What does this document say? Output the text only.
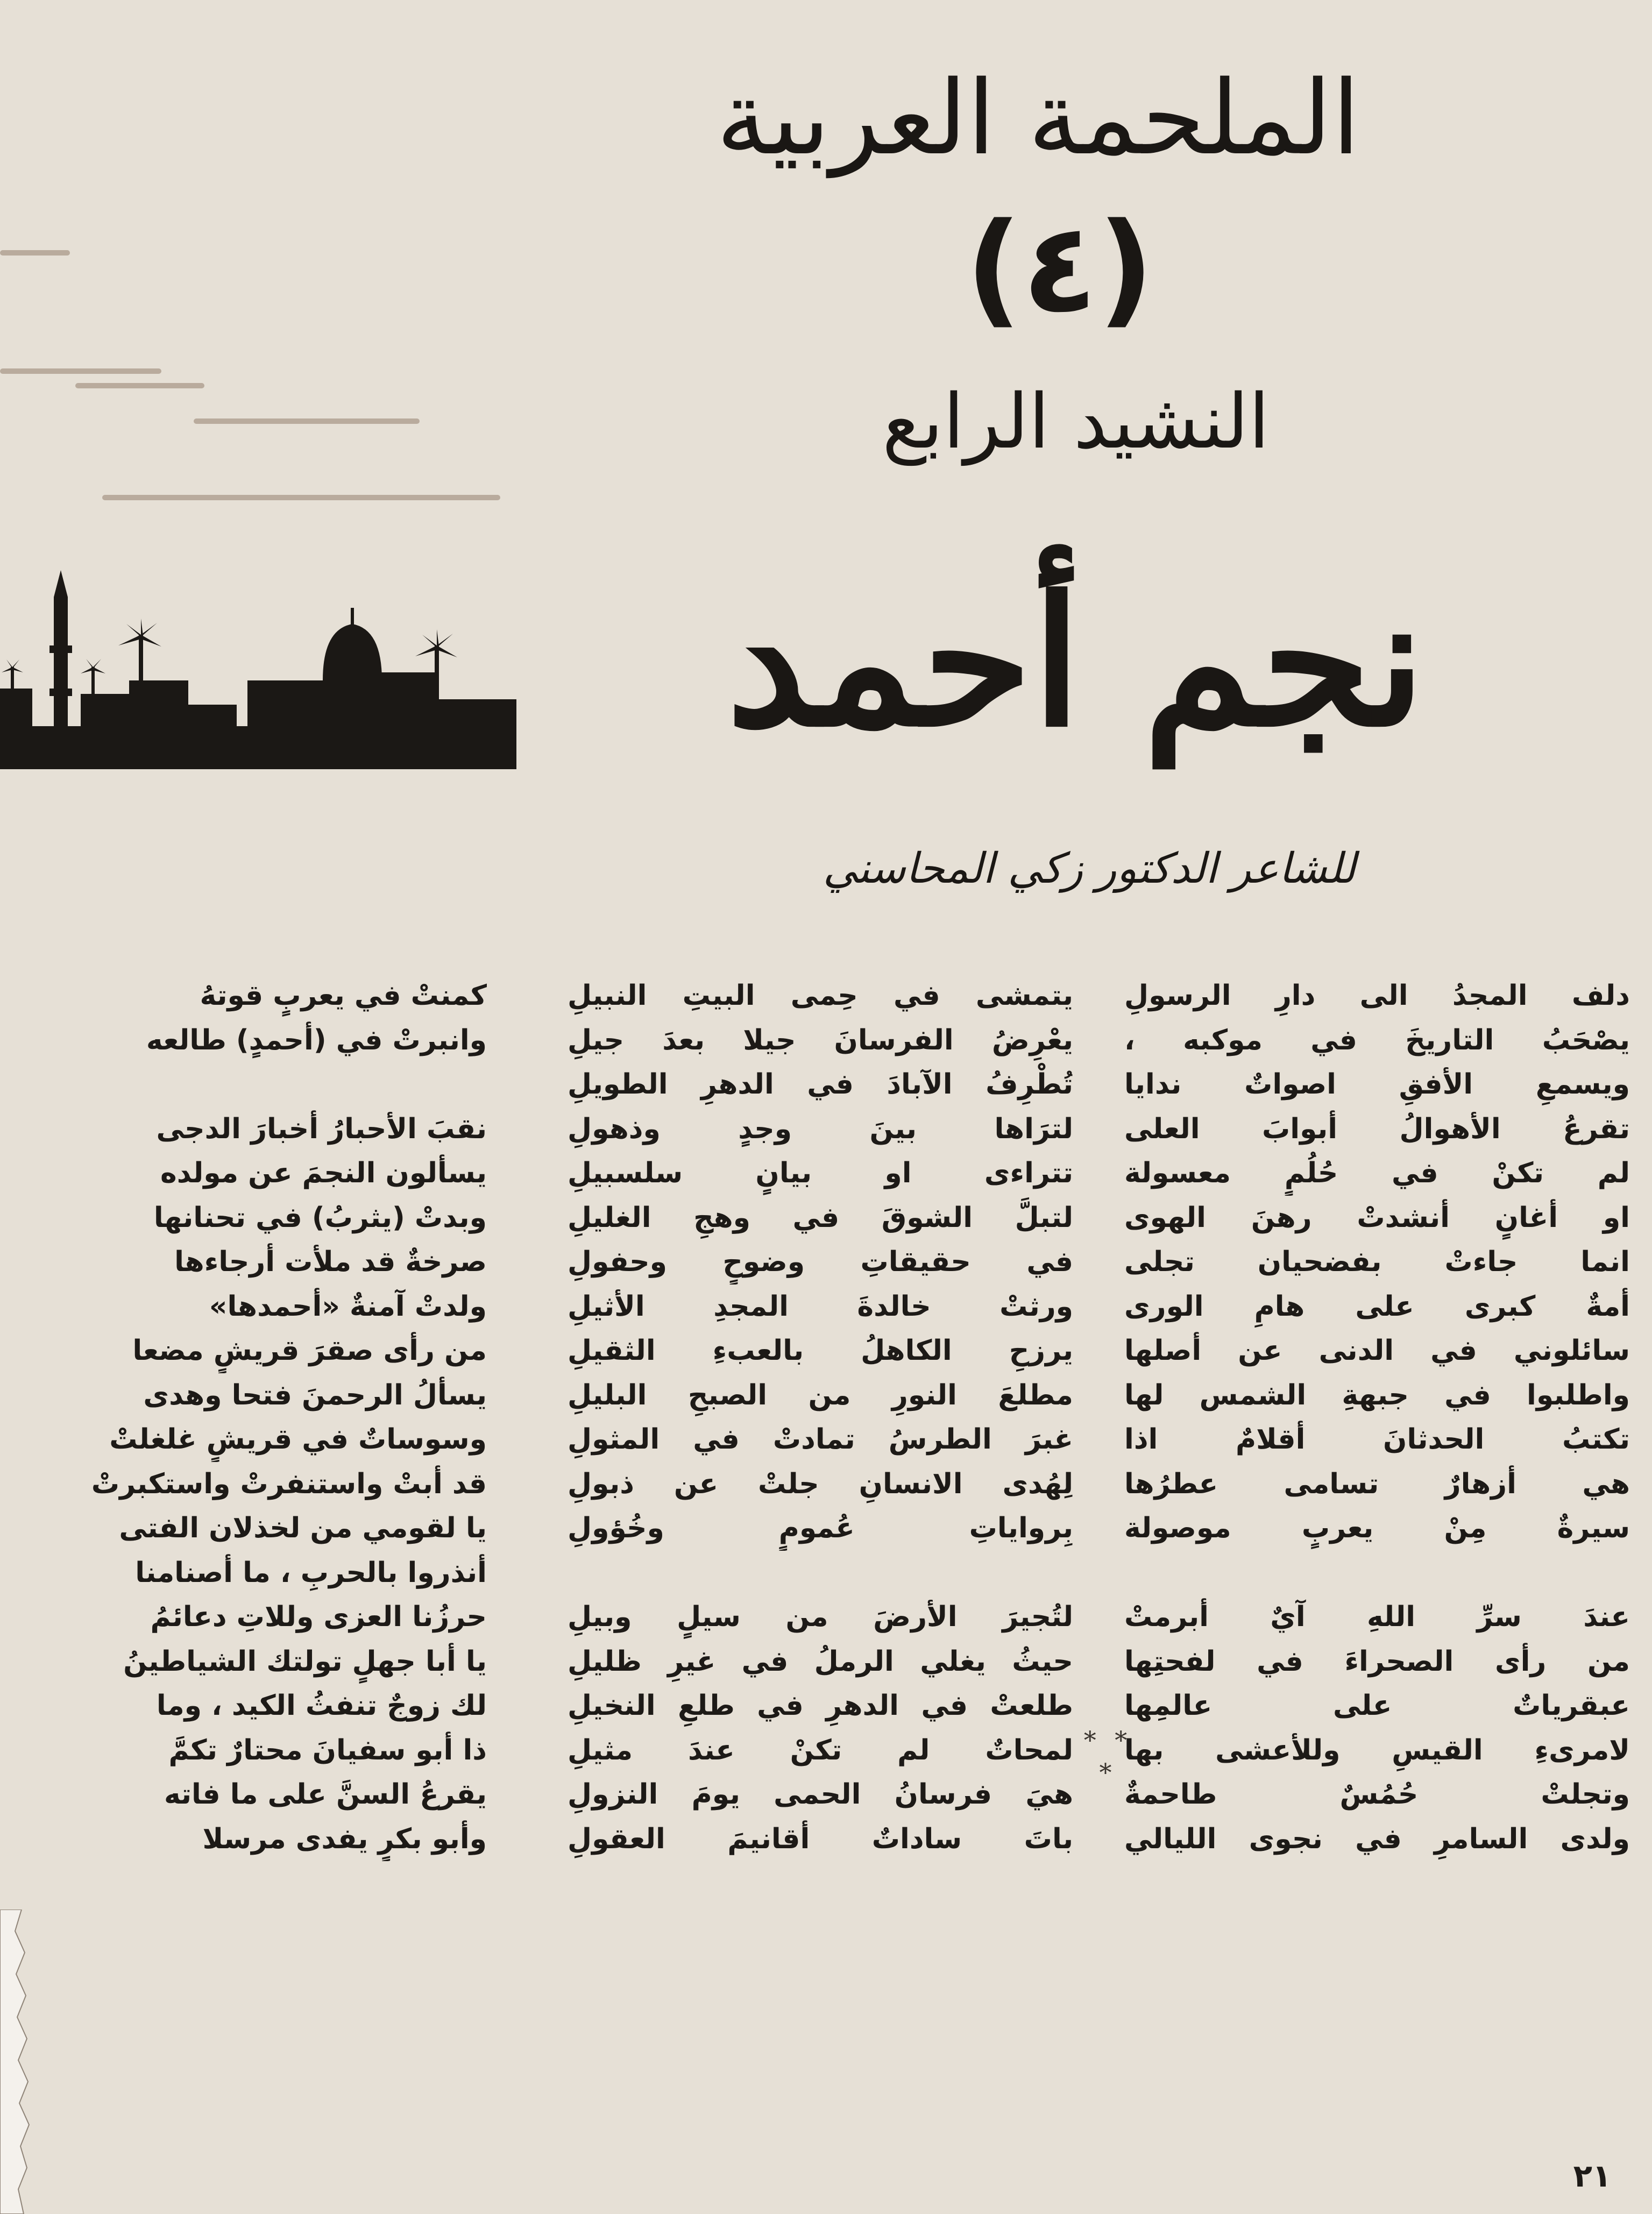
الملحمة العربية
(٤)
النشيد الرابع
نجم أحمد
للشاعر الدكتور زكي المحاسني
دلف المجدُ الى دارِ الرسولِ
يصْحَبُ التاريخَ في موكبه ،
ويسمعِ الأفقِ اصواتٌ ندايا
تقرعُ الأهوالُ أبوابَ العلى
لم تكنْ في حُلُمٍ معسولة
او أغانٍ أنشدتْ رهنَ الهوى
انما جاءتْ بفضحيان تجلى
أمةٌ كبرى على هامِ الورى
سائلوني في الدنى عن أصلها
واطلبوا في جبهةِ الشمس لها
تكتبُ الحدثانَ أقلامٌ اذا
هي أزهارٌ تسامى عطرُها
سيرةٌ مِنْ يعربٍ موصولة
عندَ سرِّ اللهِ آيٌ أبرمتْ
من رأى الصحراءَ في لفحتِها
عبقرياتٌ على عالمِها
لامرىءِ القيسِ وللأعشى بها
وتجلتْ حُمُسٌ طاحمةٌ
ولدى السامرِ في نجوى الليالي
يتمشى في حِمى البيتِ النبيلِ
يعْرِضُ الفرسانَ جيلا بعدَ جيلِ
تُطْرِفُ الآبادَ في الدهرِ الطويلِ
لترَاها بينَ وجدٍ وذهولِ
تتراءى او بيانٍ سلسبيلِ
لتبلَّ الشوقَ في وهجِ الغليلِ
في حقيقاتِ وضوحٍ وحفولِ
ورثتْ خالدةَ المجدِ الأثيلِ
يرزحِ الكاهلُ بالعبءِ الثقيلِ
مطلعَ النورِ من الصبحِ البليلِ
غبرَ الطرسُ تمادتْ في المثولِ
لِهُدى الانسانِ جلتْ عن ذبولِ
بِرواياتِ عُمومٍ وخُؤولِ
لتُجيرَ الأرضَ من سيلٍ وبيلِ
حيثُ يغلي الرملُ في غيرِ ظليلِ
طلعتْ في الدهرِ في طلعِ النخيلِ
لمحاتٌ لم تكنْ عندَ مثيلِ
هيَ فرسانُ الحمى يومَ النزولِ
باتَ ساداتٌ أقانيمَ العقولِ
* * *
كمنتْ في يعربٍ قوتهُ
وانبرتْ في (أحمدٍ) طالعه
نقبَ الأحبارُ أخبارَ الدجى
يسألون النجمَ عن مولده
وبدتْ (يثربُ) في تحنانها
صرخةٌ قد ملأت أرجاءها
ولدتْ آمنةٌ «أحمدها»
من رأى صقرَ قريشٍ مضعا
يسألُ الرحمنَ فتحا وهدى
وسوساتٌ في قريشٍ غلغلتْ
قد أبتْ واستنفرتْ واستكبرتْ
يا لقومي من لخذلان الفتى
أنذروا بالحربِ ، ما أصنامنا
حرزُنا العزى وللاتِ دعائمُ
يا أبا جهلٍ تولتك الشياطينُ
لك زوجٌ تنفثُ الكيد ، وما
ذا أبو سفيانَ محتارٌ تكمَّ
يقرعُ السنَّ على ما فاته
وأبو بكرٍ يفدى مرسلا
٢١
